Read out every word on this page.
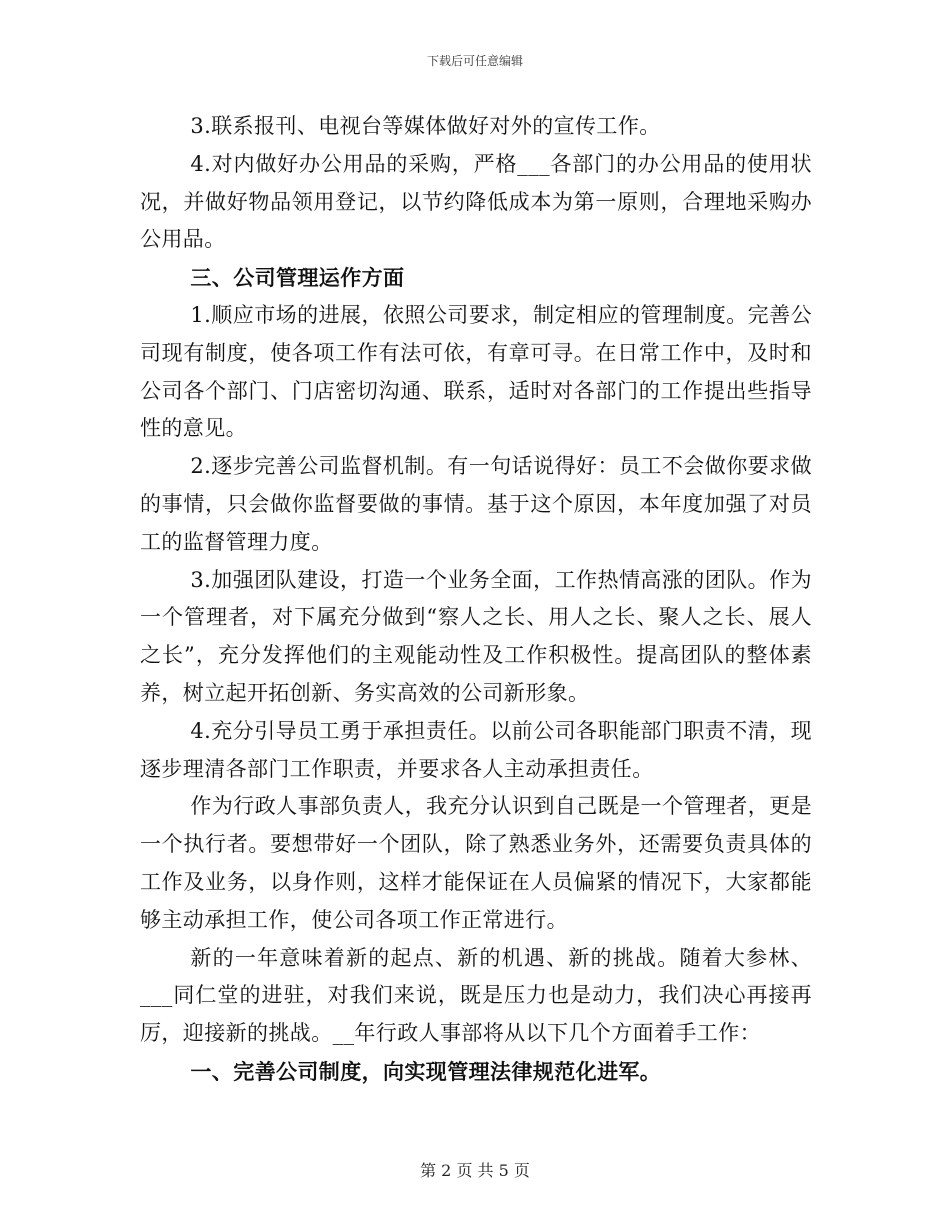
下载后可任意编辑

3.联系报刊、电视台等媒体做好对外的宣传工作。

4.对内做好办公用品的采购，严格___各部门的办公用品的使用状况，并做好物品领用登记，以节约降低成本为第一原则，合理地采购办公用品。

三、公司管理运作方面

1.顺应市场的进展，依照公司要求，制定相应的管理制度。完善公司现有制度，使各项工作有法可依，有章可寻。在日常工作中，及时和公司各个部门、门店密切沟通、联系，适时对各部门的工作提出些指导性的意见。

2.逐步完善公司监督机制。有一句话说得好：员工不会做你要求做的事情，只会做你监督要做的事情。基于这个原因，本年度加强了对员工的监督管理力度。

3.加强团队建设，打造一个业务全面，工作热情高涨的团队。作为一个管理者，对下属充分做到“察人之长、用人之长、聚人之长、展人之长”，充分发挥他们的主观能动性及工作积极性。提高团队的整体素养，树立起开拓创新、务实高效的公司新形象。

4.充分引导员工勇于承担责任。以前公司各职能部门职责不清，现逐步理清各部门工作职责，并要求各人主动承担责任。

作为行政人事部负责人，我充分认识到自己既是一个管理者，更是一个执行者。要想带好一个团队，除了熟悉业务外，还需要负责具体的工作及业务，以身作则，这样才能保证在人员偏紧的情况下，大家都能够主动承担工作，使公司各项工作正常进行。

新的一年意味着新的起点、新的机遇、新的挑战。随着大参林、___同仁堂的进驻，对我们来说，既是压力也是动力，我们决心再接再厉，迎接新的挑战。__年行政人事部将从以下几个方面着手工作：

一、完善公司制度，向实现管理法律规范化进军。

第 2 页 共 5 页
